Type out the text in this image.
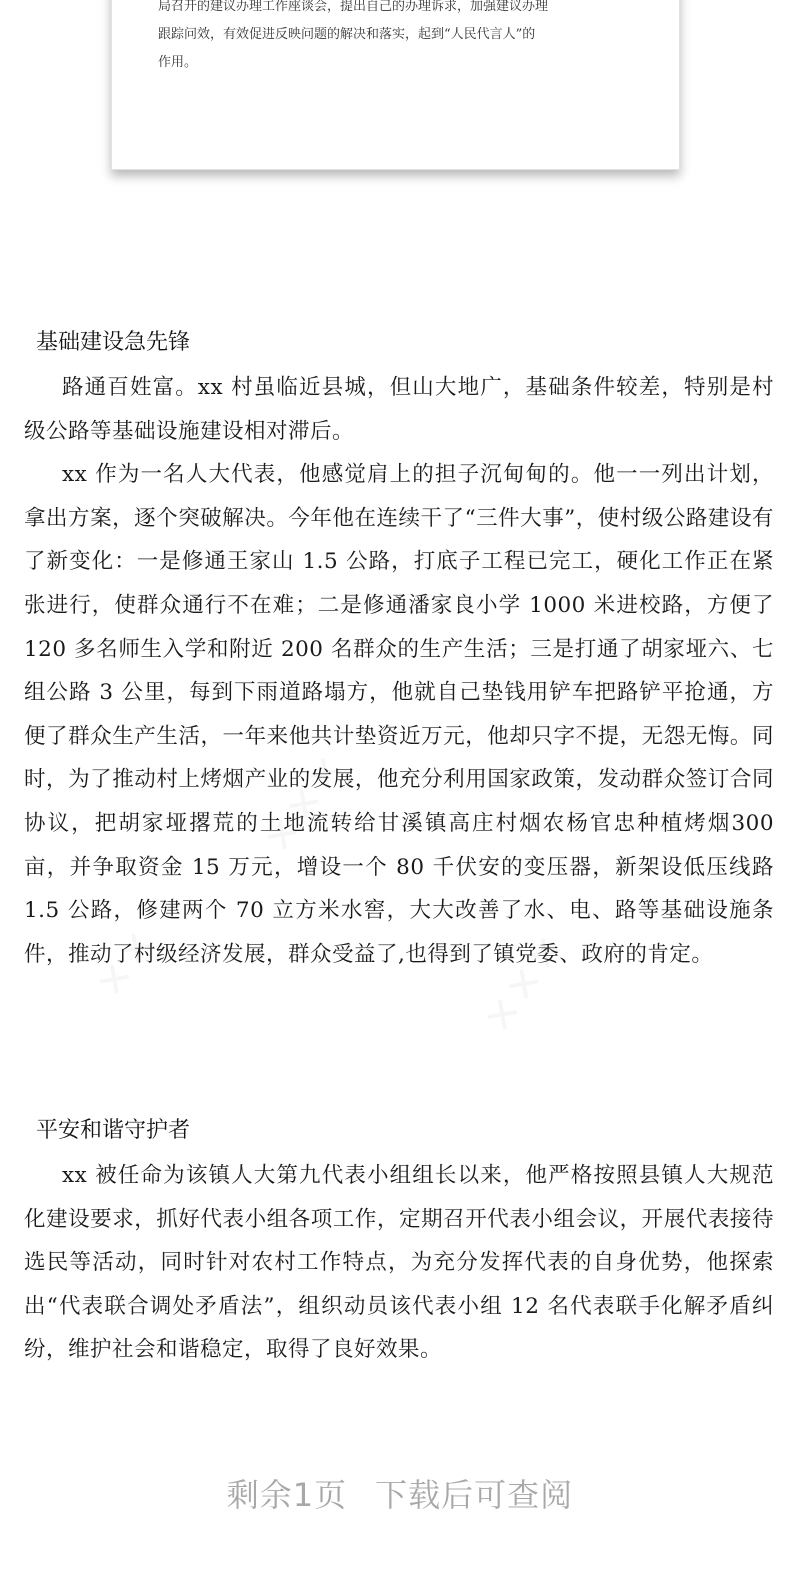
局召开的建议办理工作座谈会，提出自己的办理诉求，加强建议办理
跟踪问效，有效促进反映问题的解决和落实，起到“人民代言人”的
作用。

基础建设急先锋

路通百姓富。xx 村虽临近县城，但山大地广，基础条件较差，特别是村级公路等基础设施建设相对滞后。

xx 作为一名人大代表，他感觉肩上的担子沉甸甸的。他一一列出计划，拿出方案，逐个突破解决。今年他在连续干了“三件大事”，使村级公路建设有了新变化：一是修通王家山 1.5 公路，打底子工程已完工，硬化工作正在紧张进行，使群众通行不在难；二是修通潘家良小学 1000 米进校路，方便了 120 多名师生入学和附近 200 名群众的生产生活；三是打通了胡家垭六、七组公路 3 公里，每到下雨道路塌方，他就自己垫钱用铲车把路铲平抢通，方便了群众生产生活，一年来他共计垫资近万元，他却只字不提，无怨无悔。同时，为了推动村上烤烟产业的发展，他充分利用国家政策，发动群众签订合同协议，把胡家垭撂荒的土地流转给甘溪镇高庄村烟农杨官忠种植烤烟300 亩，并争取资金 15 万元，增设一个 80 千伏安的变压器，新架设低压线路 1.5 公路，修建两个 70 立方米水窖，大大改善了水、电、路等基础设施条件，推动了村级经济发展，群众受益了,也得到了镇党委、政府的肯定。

平安和谐守护者

xx 被任命为该镇人大第九代表小组组长以来，他严格按照县镇人大规范化建设要求，抓好代表小组各项工作，定期召开代表小组会议，开展代表接待选民等活动，同时针对农村工作特点，为充分发挥代表的自身优势，他探索出“代表联合调处矛盾法”，组织动员该代表小组 12 名代表联手化解矛盾纠纷，维护社会和谐稳定，取得了良好效果。

剩余1页 下载后可查阅
